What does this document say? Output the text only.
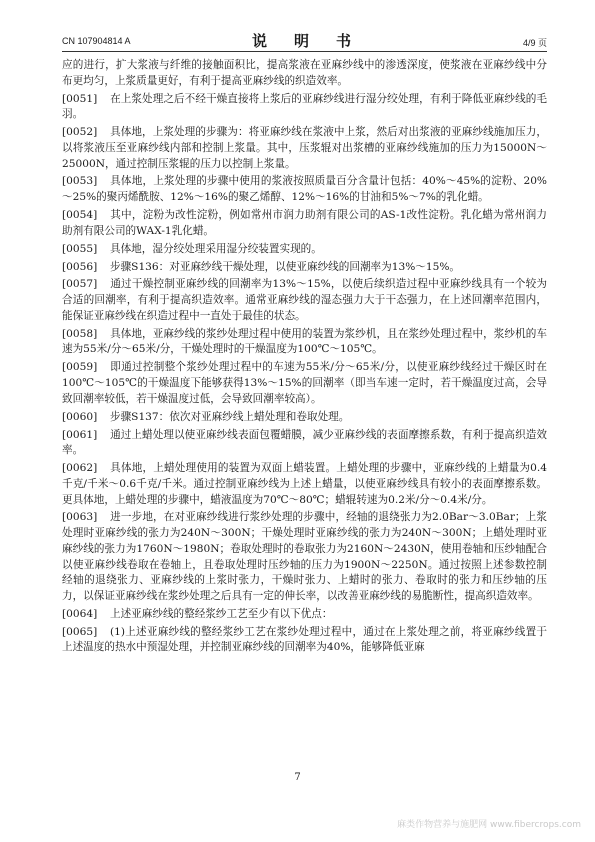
CN 107904814 A	说　明　书	4/9 页

应的进行，扩大浆液与纤维的接触面积比，提高浆液在亚麻纱线中的渗透深度，使浆液在亚麻纱线中分布更均匀，上浆质量更好，有利于提高亚麻纱线的织造效率。

[0051] 在上浆处理之后不经干燥直接将上浆后的亚麻纱线进行湿分绞处理，有利于降低亚麻纱线的毛羽。

[0052] 具体地，上浆处理的步骤为：将亚麻纱线在浆液中上浆，然后对出浆液的亚麻纱线施加压力，以将浆液压至亚麻纱线内部和控制上浆量。其中，压浆辊对出浆槽的亚麻纱线施加的压力为15000N～25000N，通过控制压浆辊的压力以控制上浆量。

[0053] 具体地，上浆处理的步骤中使用的浆液按照质量百分含量计包括：40%～45%的淀粉、20%～25%的聚丙烯酰胺、12%～16%的聚乙烯醇、12%～16%的甘油和5%～7%的乳化蜡。

[0054] 其中，淀粉为改性淀粉，例如常州市润力助剂有限公司的AS-1改性淀粉。乳化蜡为常州润力助剂有限公司的WAX-1乳化蜡。

[0055] 具体地，湿分绞处理采用湿分绞装置实现的。

[0056] 步骤S136：对亚麻纱线干燥处理，以使亚麻纱线的回潮率为13%～15%。

[0057] 通过干燥控制亚麻纱线的回潮率为13%～15%，以使后续织造过程中亚麻纱线具有一个较为合适的回潮率，有利于提高织造效率。通常亚麻纱线的湿态强力大于干态强力，在上述回潮率范围内，能保证亚麻纱线在织造过程中一直处于最佳的状态。

[0058] 具体地，亚麻纱线的浆纱处理过程中使用的装置为浆纱机，且在浆纱处理过程中，浆纱机的车速为55米/分～65米/分，干燥处理时的干燥温度为100℃～105℃。

[0059] 即通过控制整个浆纱处理过程中的车速为55米/分～65米/分，以使亚麻纱线经过干燥区时在100℃～105℃的干燥温度下能够获得13%～15%的回潮率（即当车速一定时，若干燥温度过高，会导致回潮率较低，若干燥温度过低，会导致回潮率较高）。

[0060] 步骤S137：依次对亚麻纱线上蜡处理和卷取处理。

[0061] 通过上蜡处理以使亚麻纱线表面包覆蜡膜，减少亚麻纱线的表面摩擦系数，有利于提高织造效率。

[0062] 具体地，上蜡处理使用的装置为双面上蜡装置。上蜡处理的步骤中，亚麻纱线的上蜡量为0.4千克/千米～0.6千克/千米。通过控制亚麻纱线为上述上蜡量，以使亚麻纱线具有较小的表面摩擦系数。更具体地，上蜡处理的步骤中，蜡液温度为70℃～80℃；蜡辊转速为0.2米/分～0.4米/分。

[0063] 进一步地，在对亚麻纱线进行浆纱处理的步骤中，经轴的退绕张力为2.0Bar～3.0Bar；上浆处理时亚麻纱线的张力为240N～300N；干燥处理时亚麻纱线的张力为240N～300N；上蜡处理时亚麻纱线的张力为1760N～1980N；卷取处理时的卷取张力为2160N～2430N，使用卷轴和压纱轴配合以使亚麻纱线卷取在卷轴上，且卷取处理时压纱轴的压力为1900N～2250N。通过按照上述参数控制经轴的退绕张力、亚麻纱线的上浆时张力，干燥时张力、上蜡时的张力、卷取时的张力和压纱轴的压力，以保证亚麻纱线在浆纱处理之后具有一定的伸长率，以改善亚麻纱线的易脆断性，提高织造效率。

[0064] 上述亚麻纱线的整经浆纱工艺至少有以下优点：

[0065] (1)上述亚麻纱线的整经浆纱工艺在浆纱处理过程中，通过在上浆处理之前，将亚麻纱线置于上述温度的热水中预湿处理，并控制亚麻纱线的回潮率为40%，能够降低亚麻

7
麻类作物营养与施肥网 www.fibercrops.com
